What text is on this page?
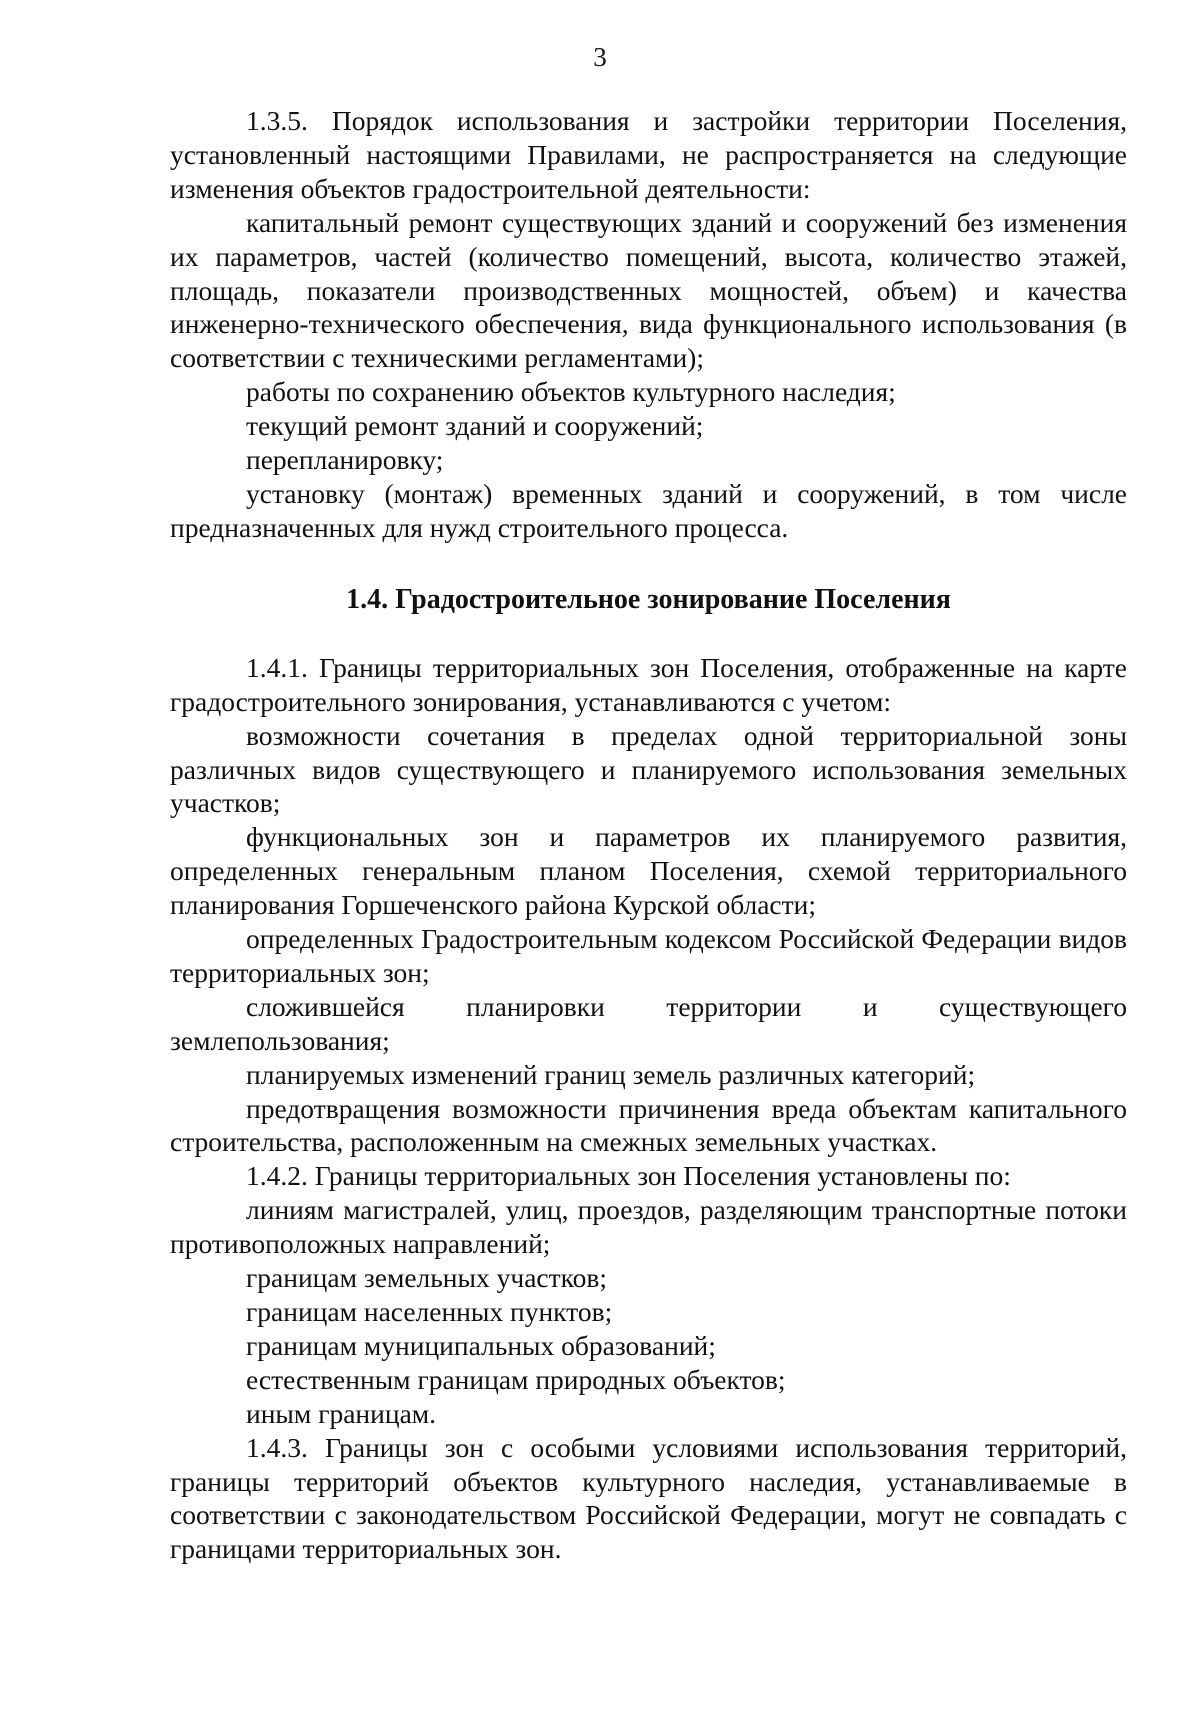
3

1.3.5. Порядок использования и застройки территории Поселения, установленный настоящими Правилами, не распространяется на следующие изменения объектов градостроительной деятельности:

капитальный ремонт существующих зданий и сооружений без изменения их параметров, частей (количество помещений, высота, количество этажей, площадь, показатели производственных мощностей, объем) и качества инженерно-технического обеспечения, вида функционального использования (в соответствии с техническими регламентами);

работы по сохранению объектов культурного наследия;

текущий ремонт зданий и сооружений;

перепланировку;

установку (монтаж) временных зданий и сооружений, в том числе предназначенных для нужд строительного процесса.

1.4. Градостроительное зонирование Поселения

1.4.1. Границы территориальных зон Поселения, отображенные на карте градостроительного зонирования, устанавливаются с учетом:

возможности сочетания в пределах одной территориальной зоны различных видов существующего и планируемого использования земельных участков;

функциональных зон и параметров их планируемого развития, определенных генеральным планом Поселения, схемой территориального планирования Горшеченского района Курской области;

определенных Градостроительным кодексом Российской Федерации видов территориальных зон;

сложившейся планировки территории и существующего землепользования;

планируемых изменений границ земель различных категорий;

предотвращения возможности причинения вреда объектам капитального строительства, расположенным на смежных земельных участках.

1.4.2. Границы территориальных зон Поселения установлены по:

линиям магистралей, улиц, проездов, разделяющим транспортные потоки противоположных направлений;

границам земельных участков;

границам населенных пунктов;

границам муниципальных образований;

естественным границам природных объектов;

иным границам.

1.4.3. Границы зон с особыми условиями использования территорий, границы территорий объектов культурного наследия, устанавливаемые в соответствии с законодательством Российской Федерации, могут не совпадать с границами территориальных зон.
